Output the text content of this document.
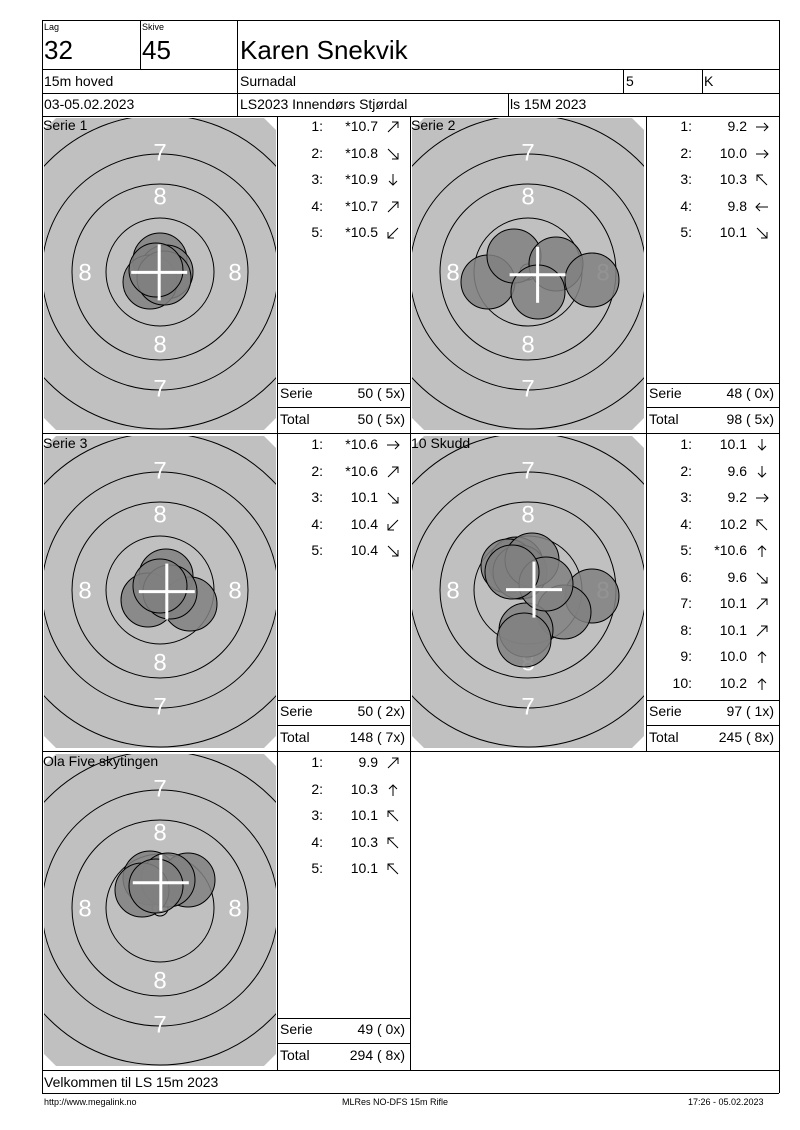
Lag
32
Skive
45	Karen Snekvik
15m hoved	Surnadal	5	K
03-05.02.2023	LS2023 Innendørs Stjørdal	ls 15M 2023
7
7
8
8
8	8
7
7
8
8
8
7
7
8
8
8	8
7
7
8
8
7
7
8
8
8	8
Serie 1	Serie 2
Serie 3	10 Skudd
Ola Five skytingen
1:	*10.7
2:	*10.8
3:	*10.9
4:	*10.7
5:	*10.5
1:	9.2
2:	10.0
3:	10.3
4:	9.8
5:	10.1
1:	*10.6
2:	*10.6
3:	10.1
4:	10.4
5:	10.4
1:	10.1
2:	9.6
3:	9.2
4:	10.2
5:	*10.6
6:	9.6
7:	10.1
8:	10.1
9:	10.0
10:	10.2
1:	9.9
2:	10.3
3:	10.1
4:	10.3
5:	10.1
Serie	50 ( 5x)
Total	50 ( 5x)
Serie	48 ( 0x)
Total	98 ( 5x)
Serie	50 ( 2x)
Total	148 ( 7x)
Serie	97 ( 1x)
Total	245 ( 8x)
Serie	49 ( 0x)
Total	294 ( 8x)
Velkommen til LS 15m 2023
http://www.megalink.no	MLRes NO-DFS 15m Rifle	17:26 - 05.02.2023
